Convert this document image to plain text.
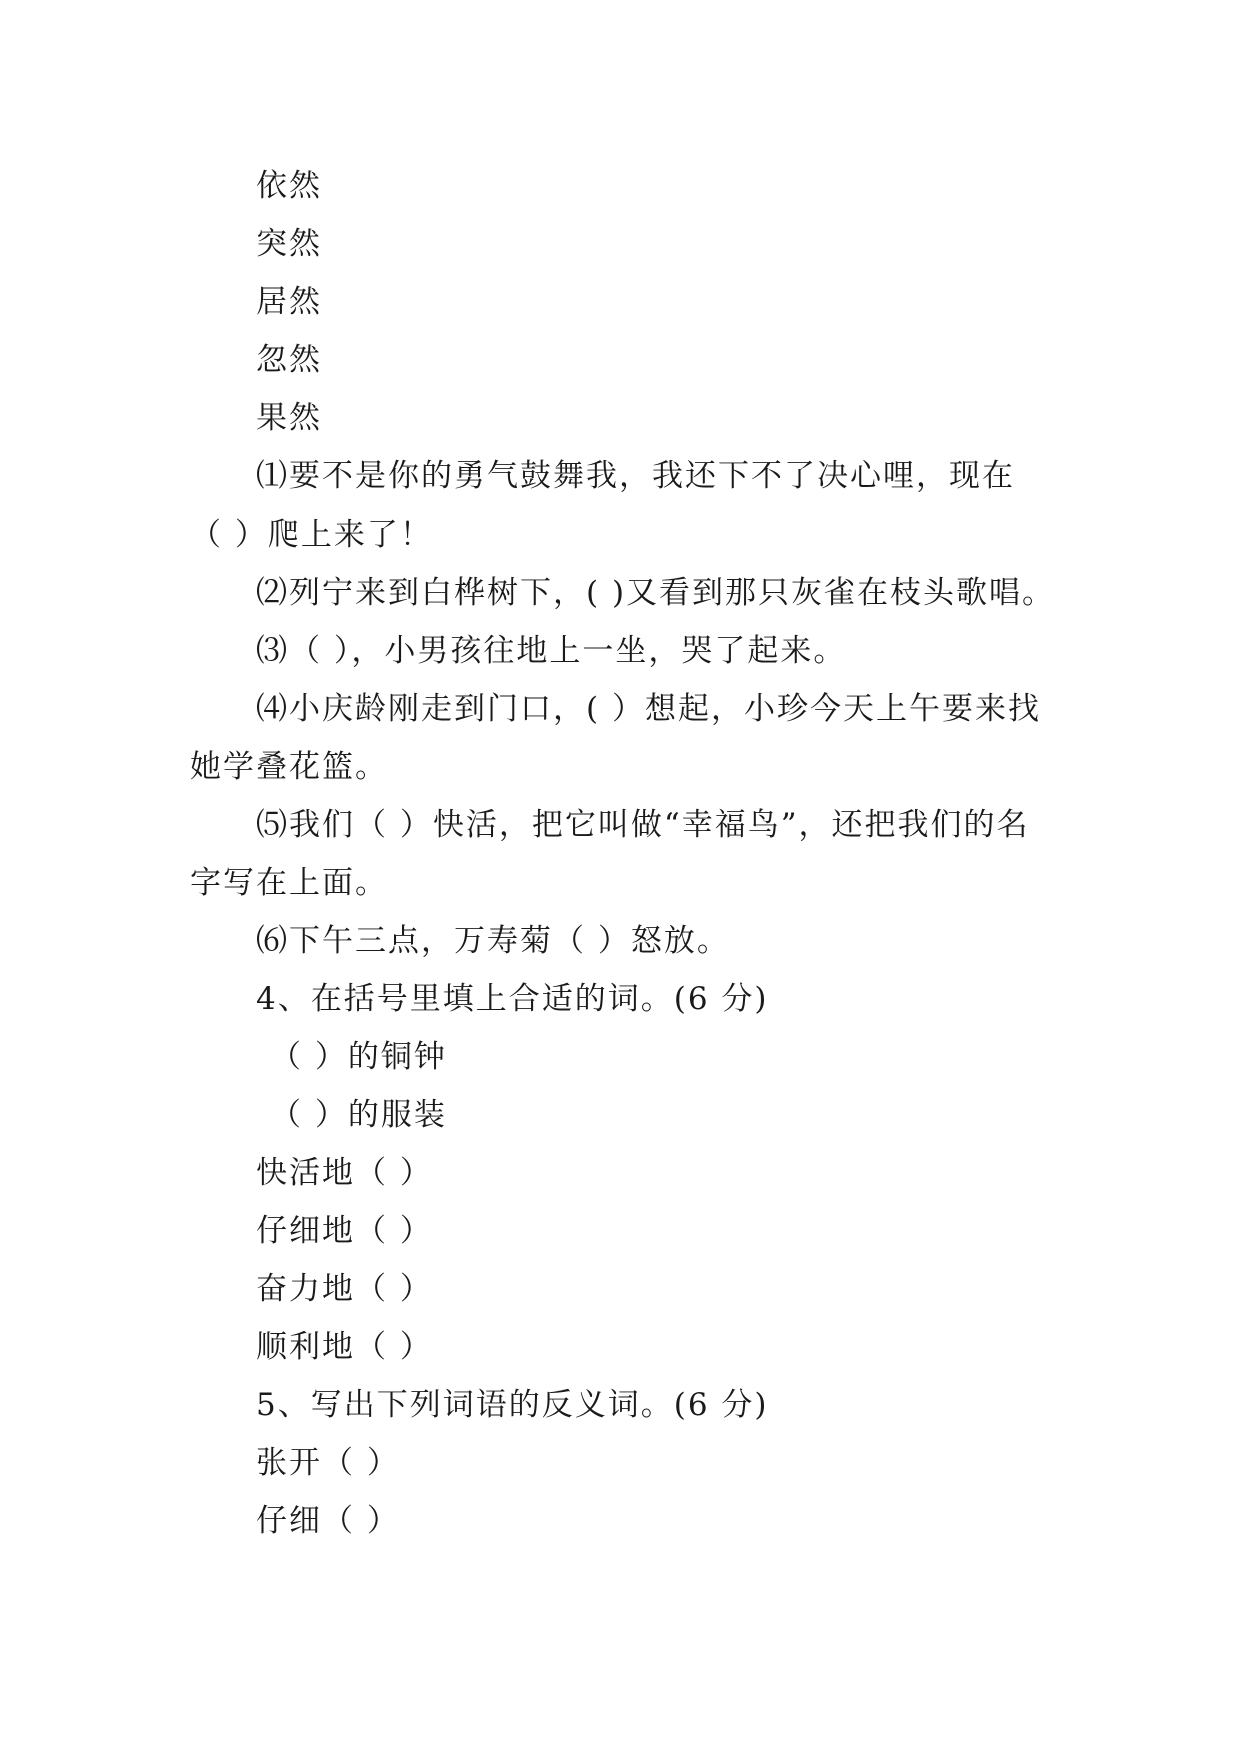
依然
突然
居然
忽然
果然
⑴要不是你的勇气鼓舞我，我还下不了决心哩，现在
（ ）爬上来了！
⑵列宁来到白桦树下，( )又看到那只灰雀在枝头歌唱。
⑶（ ），小男孩往地上一坐，哭了起来。
⑷小庆龄刚走到门口，( ）想起，小珍今天上午要来找
她学叠花篮。
⑸我们（ ）快活，把它叫做“幸福鸟”，还把我们的名
字写在上面。
⑹下午三点，万寿菊（ ）怒放。
4、在括号里填上合适的词。(6 分)
（ ）的铜钟
（ ）的服装
快活地（ ）
仔细地（ ）
奋力地（ ）
顺利地（ ）
5、写出下列词语的反义词。(6 分)
张开（ ）
仔细（ ）
